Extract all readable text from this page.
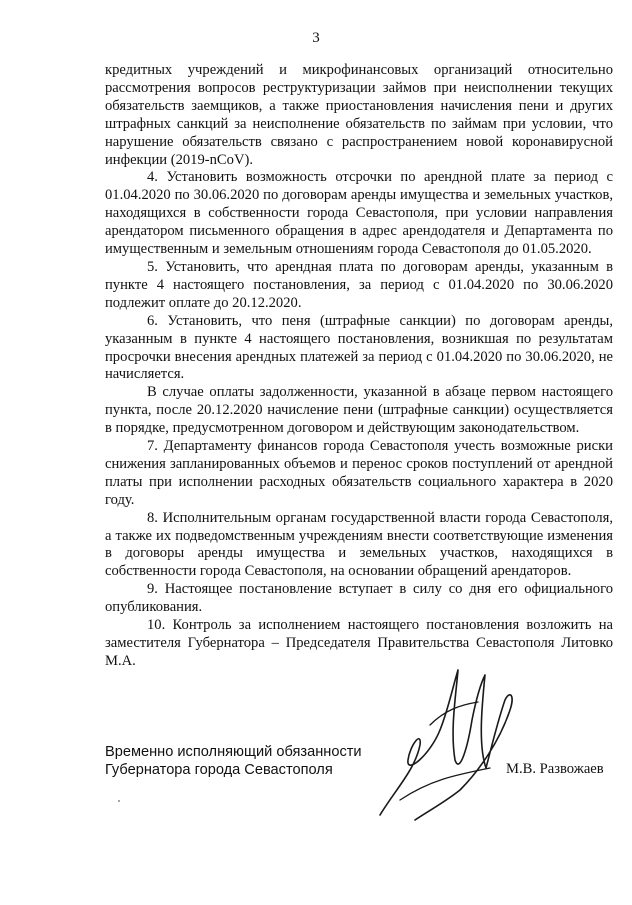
3

кредитных учреждений и микрофинансовых организаций относительно рассмотрения вопросов реструктуризации займов при неисполнении текущих обязательств заемщиков, а также приостановления начисления пени и других штрафных санкций за неисполнение обязательств по займам при условии, что нарушение обязательств связано с распространением новой коронавирусной инфекции (2019-nCoV).

4. Установить возможность отсрочки по арендной плате за период с 01.04.2020 по 30.06.2020 по договорам аренды имущества и земельных участков, находящихся в собственности города Севастополя, при условии направления арендатором письменного обращения в адрес арендодателя и Департамента по имущественным и земельным отношениям города Севастополя до 01.05.2020.

5. Установить, что арендная плата по договорам аренды, указанным в пункте 4 настоящего постановления, за период с 01.04.2020 по 30.06.2020 подлежит оплате до 20.12.2020.

6. Установить, что пеня (штрафные санкции) по договорам аренды, указанным в пункте 4 настоящего постановления, возникшая по результатам просрочки внесения арендных платежей за период с 01.04.2020 по 30.06.2020, не начисляется.

В случае оплаты задолженности, указанной в абзаце первом настоящего пункта, после 20.12.2020 начисление пени (штрафные санкции) осуществляется в порядке, предусмотренном договором и действующим законодательством.

7. Департаменту финансов города Севастополя учесть возможные риски снижения запланированных объемов и перенос сроков поступлений от арендной платы при исполнении расходных обязательств социального характера в 2020 году.

8. Исполнительным органам государственной власти города Севастополя, а также их подведомственным учреждениям внести соответствующие изменения в договоры аренды имущества и земельных участков, находящихся в собственности города Севастополя, на основании обращений арендаторов.

9. Настоящее постановление вступает в силу со дня его официального опубликования.

10. Контроль за исполнением настоящего постановления возложить на заместителя Губернатора – Председателя Правительства Севастополя Литовко М.А.

Временно исполняющий обязанности
Губернатора города Севастополя	М.В. Развожаев
